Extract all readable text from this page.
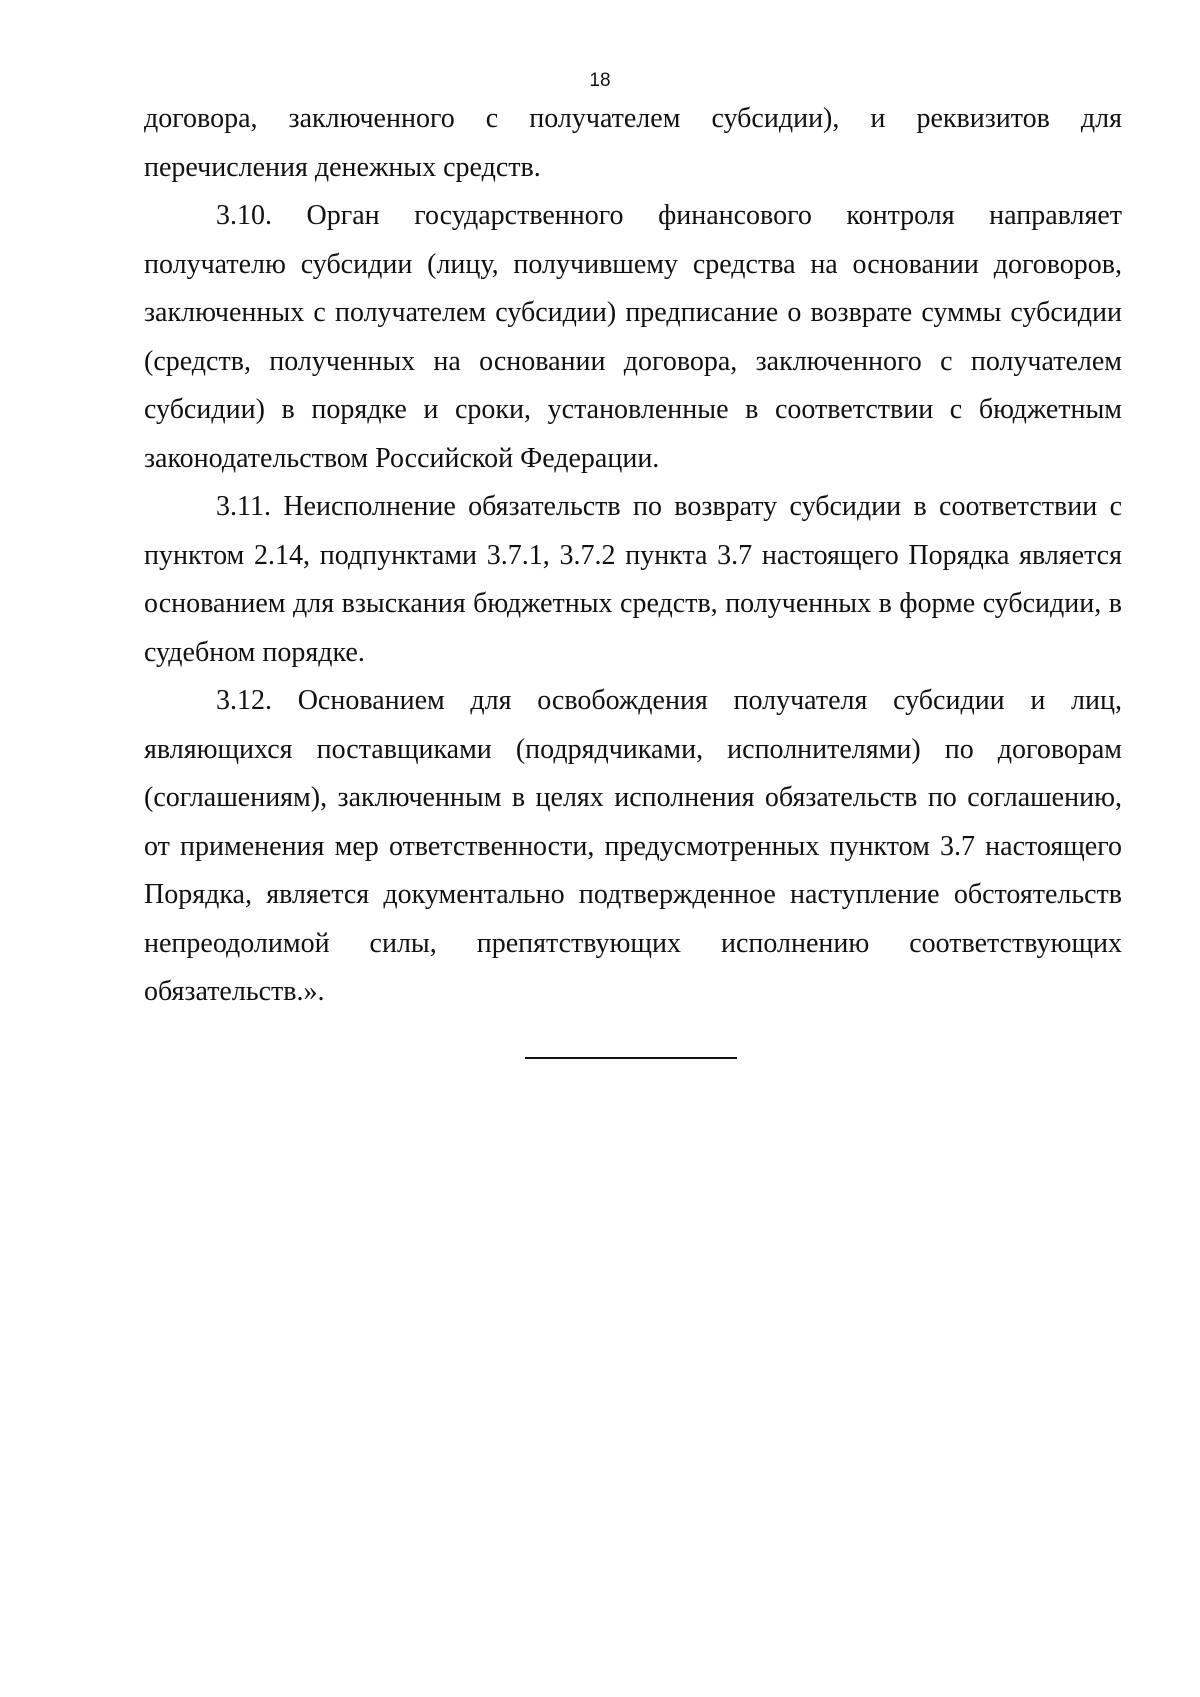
18

договора, заключенного с получателем субсидии), и реквизитов для перечисления денежных средств.

3.10. Орган государственного финансового контроля направляет получателю субсидии (лицу, получившему средства на основании договоров, заключенных с получателем субсидии) предписание о возврате суммы субсидии (средств, полученных на основании договора, заключенного с получателем субсидии) в порядке и сроки, установленные в соответствии с бюджетным законодательством Российской Федерации.

3.11. Неисполнение обязательств по возврату субсидии в соответствии с пунктом 2.14, подпунктами 3.7.1, 3.7.2 пункта 3.7 настоящего Порядка является основанием для взыскания бюджетных средств, полученных в форме субсидии, в судебном порядке.

3.12. Основанием для освобождения получателя субсидии и лиц, являющихся поставщиками (подрядчиками, исполнителями) по договорам (соглашениям), заключенным в целях исполнения обязательств по соглашению, от применения мер ответственности, предусмотренных пунктом 3.7 настоящего Порядка, является документально подтвержденное наступление обстоятельств непреодолимой силы, препятствующих исполнению соответствующих обязательств.».
